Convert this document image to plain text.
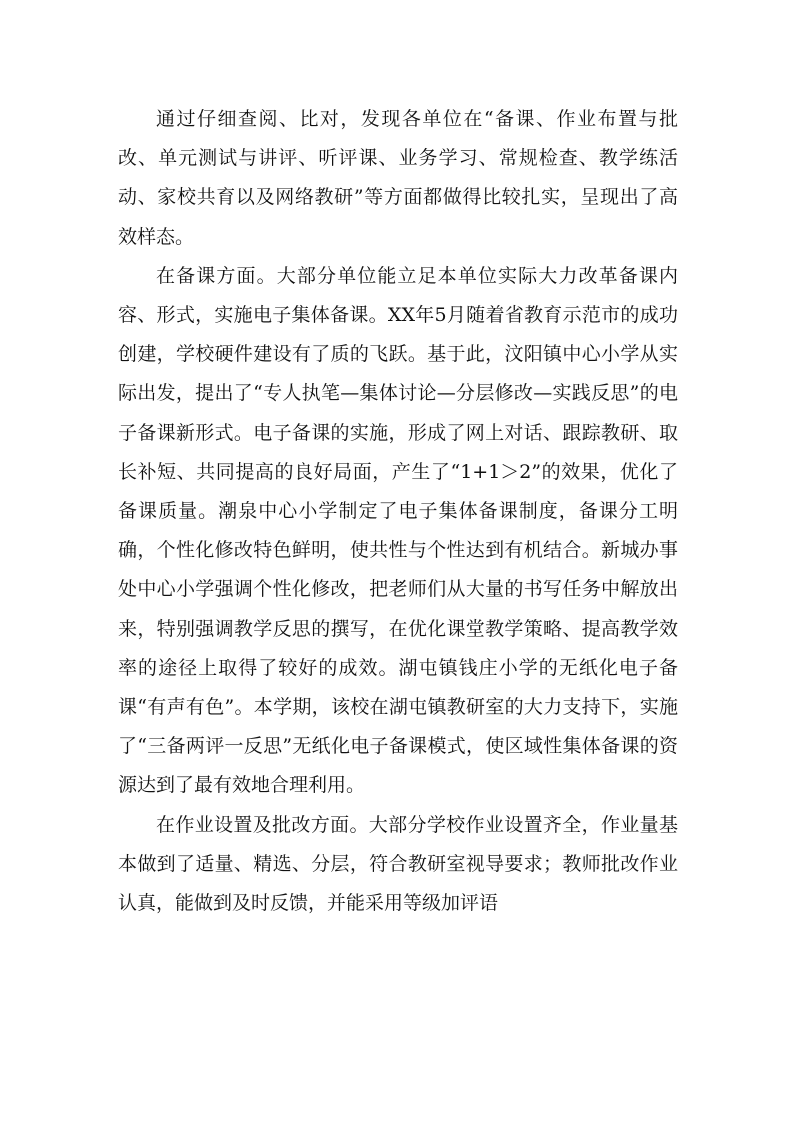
通过仔细查阅、比对，发现各单位在“备课、作业布置与批改、单元测试与讲评、听评课、业务学习、常规检查、教学练活动、家校共育以及网络教研”等方面都做得比较扎实，呈现出了高效样态。

在备课方面。大部分单位能立足本单位实际大力改革备课内容、形式，实施电子集体备课。XX年5月随着省教育示范市的成功创建，学校硬件建设有了质的飞跃。基于此，汶阳镇中心小学从实际出发，提出了“专人执笔—集体讨论—分层修改—实践反思”的电子备课新形式。电子备课的实施，形成了网上对话、跟踪教研、取长补短、共同提高的良好局面，产生了“1+1＞2”的效果，优化了备课质量。潮泉中心小学制定了电子集体备课制度，备课分工明确，个性化修改特色鲜明，使共性与个性达到有机结合。新城办事处中心小学强调个性化修改，把老师们从大量的书写任务中解放出来，特别强调教学反思的撰写，在优化课堂教学策略、提高教学效率的途径上取得了较好的成效。湖屯镇钱庄小学的无纸化电子备课“有声有色”。本学期，该校在湖屯镇教研室的大力支持下，实施了“三备两评一反思”无纸化电子备课模式，使区域性集体备课的资源达到了最有效地合理利用。

在作业设置及批改方面。大部分学校作业设置齐全，作业量基本做到了适量、精选、分层，符合教研室视导要求；教师批改作业认真，能做到及时反馈，并能采用等级加评语
